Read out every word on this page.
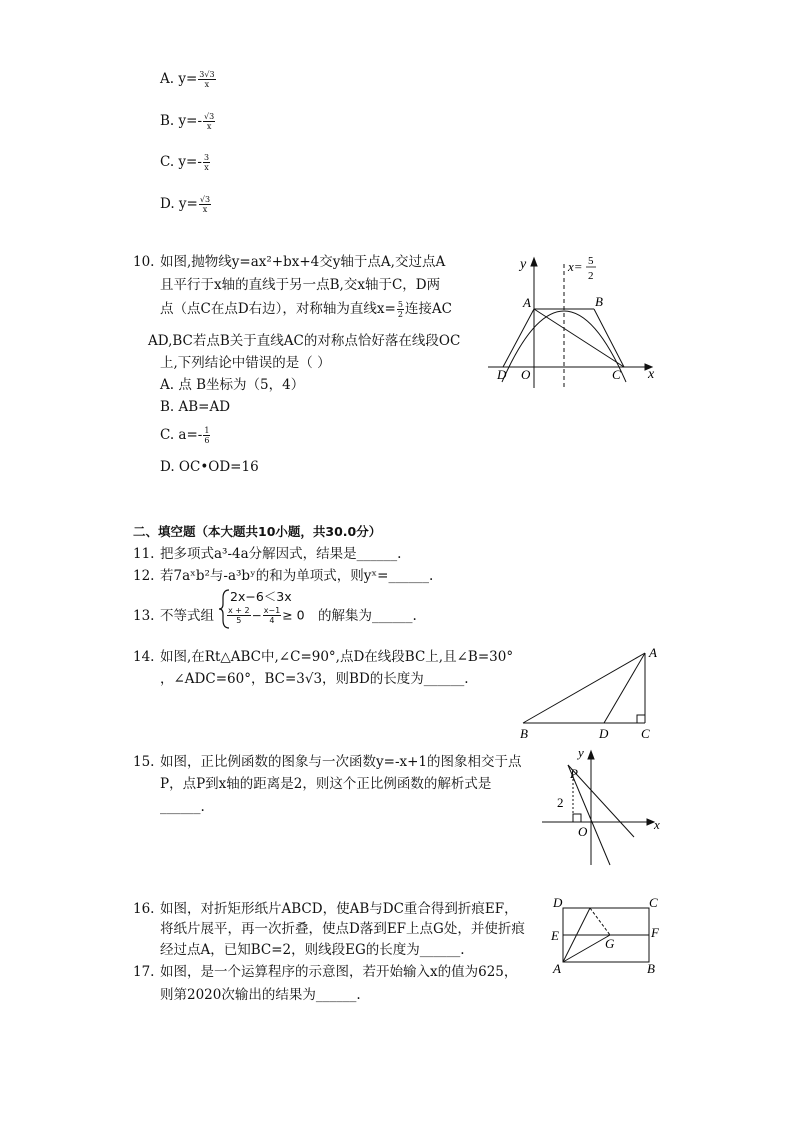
A. $y= \frac{3√3}{x}$
B. $y=- \frac{√3}{x}$
C. $y=- \frac{3}{x}$
D. $y= \frac{√3}{x}$
10. 如图,抛物线y=ax²+bx+4交y轴于点A,交过点A
且平行于x轴的直线于另一点B,交x轴于C，D两
点（点C在点D右边），对称轴为直线$x= \frac{5}{2}$ 连接AC
AD,BC若点B关于直线AC的对称点恰好落在线段OC
上,下列结论中错误的是（ ）
A. 点 B坐标为（5，4）
B. AB=AD
C. $a=- \frac{1}{6}$
D. OC•OD=16
x= 5
2
y
x
A	B
C
D O
二、填空题（本大题共10小题，共30.0分）
11. 把多项式a³-4a分解因式，结果是______.
12. 若7aˣb²与-a³bʸ的和为单项式，则yˣ=______.
13. 不等式组
2x−6＜3x
$\frac{x + 2}{5} - \frac{x-1}{4} \ge 0$ 的解集为______.
14. 如图,在Rt△ABC中,∠C=90°,点D在线段BC上,且∠B=30°
，∠ADC=60°，BC=3√3，则BD的长度为______.
A
B	D	C
15. 如图，正比例函数的图象与一次函数y=-x+1的图象相交于点
P，点P到x轴的距离是2，则这个正比例函数的解析式是
______.
x
y
P
O
2
16. 如图，对折矩形纸片ABCD，使AB与DC重合得到折痕EF，
将纸片展平，再一次折叠，使点D落到EF上点G处，并使折痕
经过点A，已知BC=2，则线段EG的长度为______.
D	C
E	F
G
A	B
17. 如图，是一个运算程序的示意图，若开始输入x的值为625，
则第2020次输出的结果为______.
